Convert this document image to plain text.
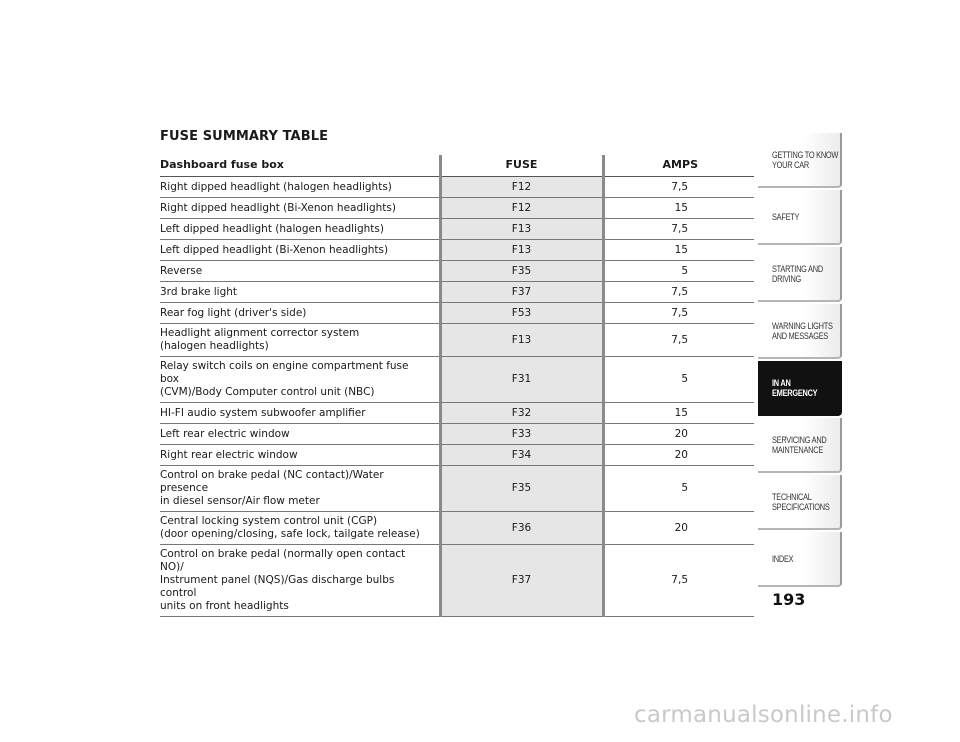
FUSE SUMMARY TABLE
Dashboard fuse box	FUSE	AMPS

Right dipped headlight (halogen headlights)	F12	7,5

Right dipped headlight (Bi-Xenon headlights)	F12	15

Left dipped headlight (halogen headlights)	F13	7,5

Left dipped headlight (Bi-Xenon headlights)	F13	15

Reverse	F35	5

3rd brake light	F37	7,5

Rear fog light (driver's side)	F53	7,5

Headlight alignment corrector system
(halogen headlights)	F13	7,5

Relay switch coils on engine compartment fuse box
(CVM)/Body Computer control unit (NBC)	F31	5

HI-FI audio system subwoofer amplifier	F32	15

Left rear electric window	F33	20

Right rear electric window	F34	20

Control on brake pedal (NC contact)/Water presence
in diesel sensor/Air flow meter	F35	5

Central locking system control unit (CGP)
(door opening/closing, safe lock, tailgate release)	F36	20

Control on brake pedal (normally open contact NO)/
Instrument panel (NQS)/Gas discharge bulbs control
units on front headlights	F37	7,5
GETTING TO KNOW
YOUR CAR
SAFETY
STARTING AND
DRIVING
WARNING LIGHTS
AND MESSAGES
IN AN
EMERGENCY
SERVICING AND
MAINTENANCE
TECHNICAL
SPECIFICATIONS
INDEX
193
carmanualsonline.info
